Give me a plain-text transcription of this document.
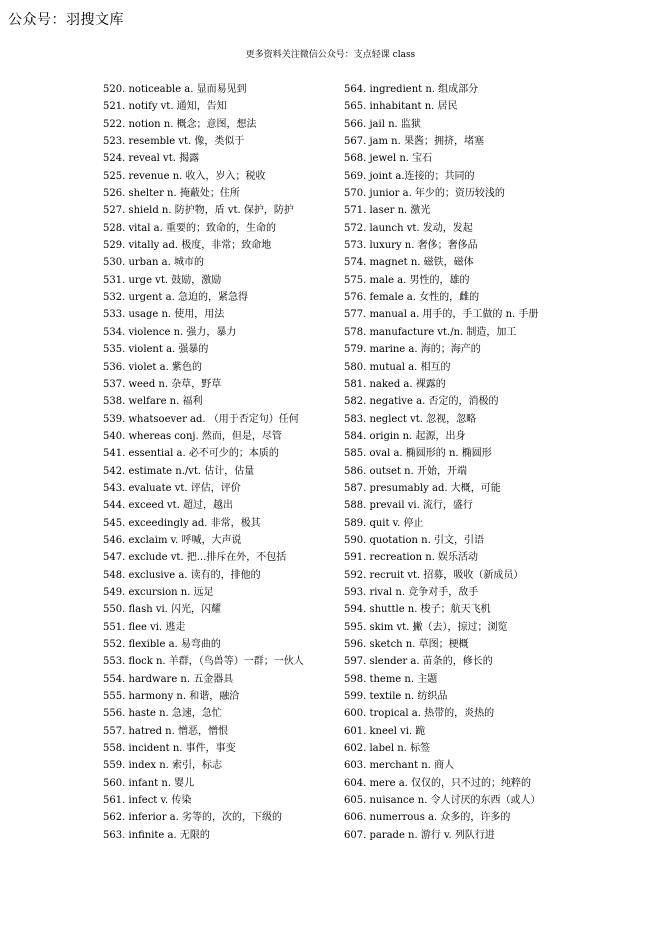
公众号：羽搜文库
更多资料关注微信公众号：支点轻课 class
520. noticeable a. 显而易见到
521. notify vt. 通知，告知
522. notion n. 概念；意图，想法
523. resemble vt. 像，类似于
524. reveal vt. 揭露
525. revenue n. 收入，岁入；税收
526. shelter n. 掩蔽处；住所
527. shield n. 防护物，盾 vt. 保护，防护
528. vital a. 重要的；致命的，生命的
529. vitally ad. 极度，非常；致命地
530. urban a. 城市的
531. urge vt. 鼓励，激励
532. urgent a. 急迫的，紧急得
533. usage n. 使用，用法
534. violence n. 强力，暴力
535. violent a. 强暴的
536. violet a. 紫色的
537. weed n. 杂草，野草
538. welfare n. 福利
539. whatsoever ad. （用于否定句）任何
540. whereas conj. 然而，但是，尽管
541. essential a. 必不可少的；本质的
542. estimate n./vt. 估计，估量
543. evaluate vt. 评估，评价
544. exceed vt. 超过，越出
545. exceedingly ad. 非常，极其
546. exclaim v. 呼喊，大声说
547. exclude vt. 把...排斥在外，不包括
548. exclusive a. 读有的，排他的
549. excursion n. 远足
550. flash vi. 闪光，闪耀
551. flee vi. 逃走
552. flexible a. 易弯曲的
553. flock n. 羊群，（鸟兽等）一群；一伙人
554. hardware n. 五金器具
555. harmony n. 和谐，融洽
556. haste n. 急速，急忙
557. hatred n. 憎恶，憎恨
558. incident n. 事件，事变
559. index n. 索引，标志
560. infant n. 婴儿
561. infect v. 传染
562. inferior a. 劣等的，次的，下级的
563. infinite a. 无限的
564. ingredient n. 组成部分
565. inhabitant n. 居民
566. jail n. 监狱
567. jam n. 果酱；拥挤，堵塞
568. jewel n. 宝石
569. joint a.连接的；共同的
570. junior a. 年少的；资历较浅的
571. laser n. 激光
572. launch vt. 发动，发起
573. luxury n. 奢侈；奢侈品
574. magnet n. 磁铁，磁体
575. male a. 男性的，雄的
576. female a. 女性的，雌的
577. manual a. 用手的，手工做的 n. 手册
578. manufacture vt./n. 制造，加工
579. marine a. 海的；海产的
580. mutual a. 相互的
581. naked a. 裸露的
582. negative a. 否定的，消极的
583. neglect vt. 忽视，忽略
584. origin n. 起源，出身
585. oval a. 椭圆形的 n. 椭圆形
586. outset n. 开始，开端
587. presumably ad. 大概，可能
588. prevail vi. 流行，盛行
589. quit v. 停止
590. quotation n. 引文，引语
591. recreation n. 娱乐活动
592. recruit vt. 招募，吸收（新成员）
593. rival n. 竞争对手，敌手
594. shuttle n. 梭子；航天飞机
595. skim vt. 撇（去），掠过；浏览
596. sketch n. 草图；梗概
597. slender a. 苗条的，修长的
598. theme n. 主题
599. textile n. 纺织品
600. tropical a. 热带的，炎热的
601. kneel vi. 跪
602. label n. 标签
603. merchant n. 商人
604. mere a. 仅仅的，只不过的；纯粹的
605. nuisance n. 令人讨厌的东西（或人）
606. numerrous a. 众多的，许多的
607. parade n. 游行 v. 列队行进
